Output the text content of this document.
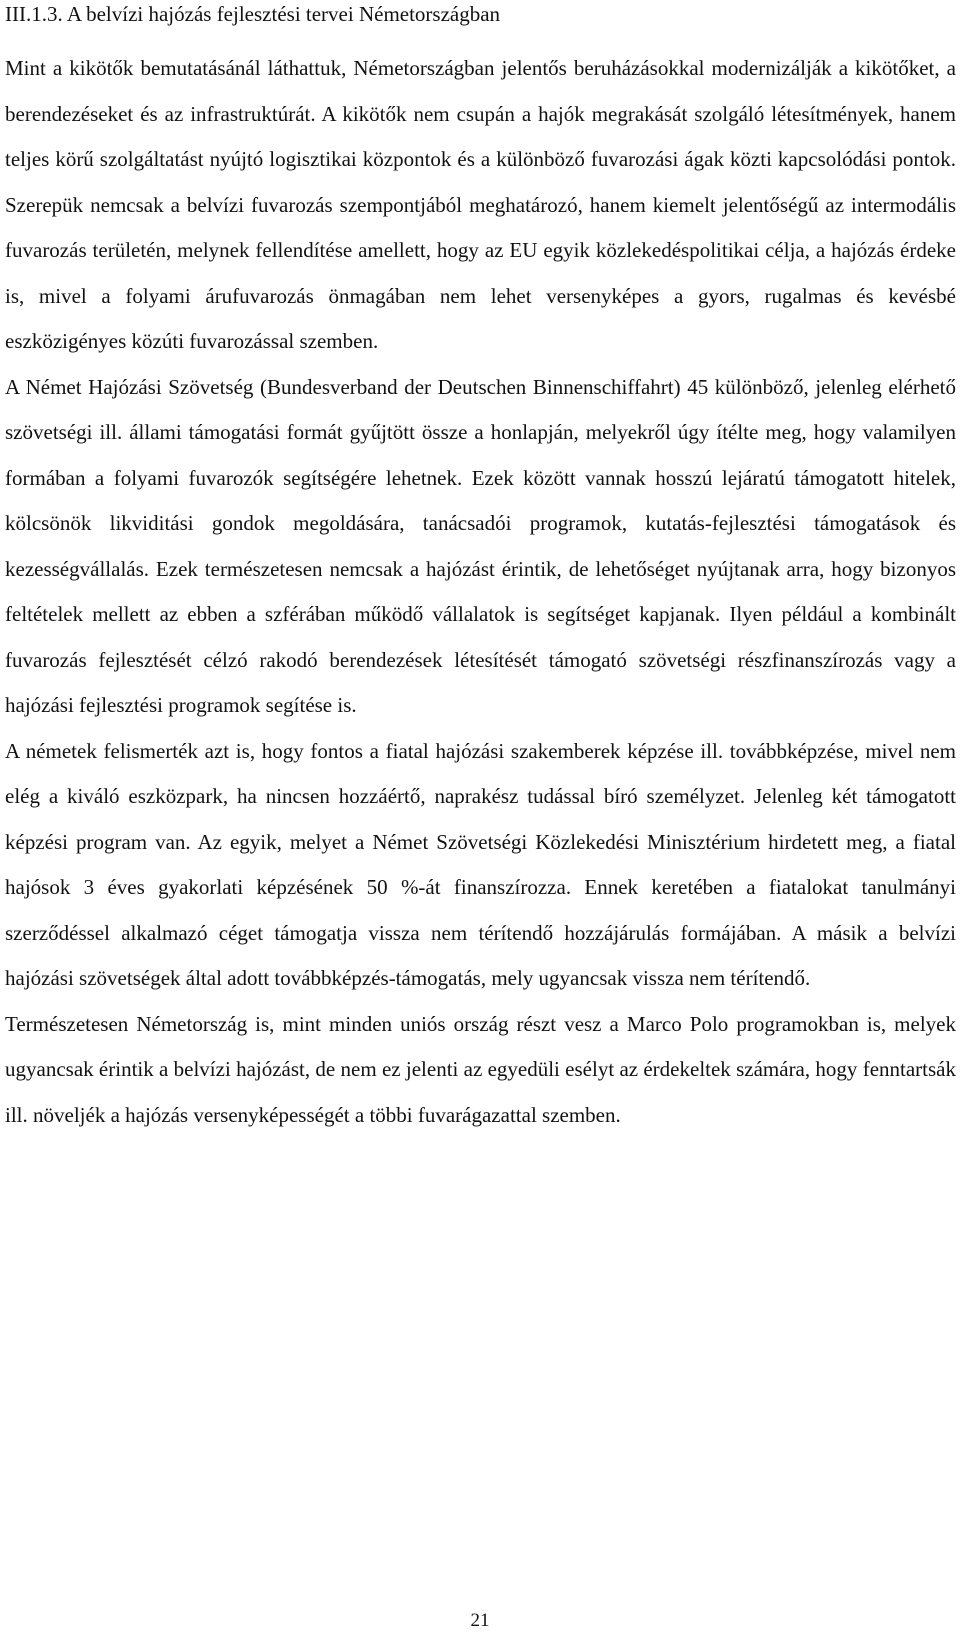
III.1.3. A belvízi hajózás fejlesztési tervei Németországban

Mint a kikötők bemutatásánál láthattuk, Németországban jelentős beruházásokkal modernizálják a kikötőket, a berendezéseket és az infrastruktúrát. A kikötők nem csupán a hajók megrakását szolgáló létesítmények, hanem teljes körű szolgáltatást nyújtó logisztikai központok és a különböző fuvarozási ágak közti kapcsolódási pontok. Szerepük nemcsak a belvízi fuvarozás szempontjából meghatározó, hanem kiemelt jelentőségű az intermodális fuvarozás területén, melynek fellendítése amellett, hogy az EU egyik közlekedéspolitikai célja, a hajózás érdeke is, mivel a folyami árufuvarozás önmagában nem lehet versenyképes a gyors, rugalmas és kevésbé eszközigényes közúti fuvarozással szemben.

A Német Hajózási Szövetség (Bundesverband der Deutschen Binnenschiffahrt) 45 különböző, jelenleg elérhető szövetségi ill. állami támogatási formát gyűjtött össze a honlapján, melyekről úgy ítélte meg, hogy valamilyen formában a folyami fuvarozók segítségére lehetnek. Ezek között vannak hosszú lejáratú támogatott hitelek, kölcsönök likviditási gondok megoldására, tanácsadói programok, kutatás-fejlesztési támogatások és kezességvállalás. Ezek természetesen nemcsak a hajózást érintik, de lehetőséget nyújtanak arra, hogy bizonyos feltételek mellett az ebben a szférában működő vállalatok is segítséget kapjanak. Ilyen például a kombinált fuvarozás fejlesztését célzó rakodó berendezések létesítését támogató szövetségi részfinanszírozás vagy a hajózási fejlesztési programok segítése is.

A németek felismerték azt is, hogy fontos a fiatal hajózási szakemberek képzése ill. továbbképzése, mivel nem elég a kiváló eszközpark, ha nincsen hozzáértő, naprakész tudással bíró személyzet. Jelenleg két támogatott képzési program van. Az egyik, melyet a Német Szövetségi Közlekedési Minisztérium hirdetett meg, a fiatal hajósok 3 éves gyakorlati képzésének 50 %-át finanszírozza. Ennek keretében a fiatalokat tanulmányi szerződéssel alkalmazó céget támogatja vissza nem térítendő hozzájárulás formájában. A másik a belvízi hajózási szövetségek által adott továbbképzés-támogatás, mely ugyancsak vissza nem térítendő.

Természetesen Németország is, mint minden uniós ország részt vesz a Marco Polo programokban is, melyek ugyancsak érintik a belvízi hajózást, de nem ez jelenti az egyedüli esélyt az érdekeltek számára, hogy fenntartsák ill. növeljék a hajózás versenyképességét a többi fuvarágazattal szemben.

21
